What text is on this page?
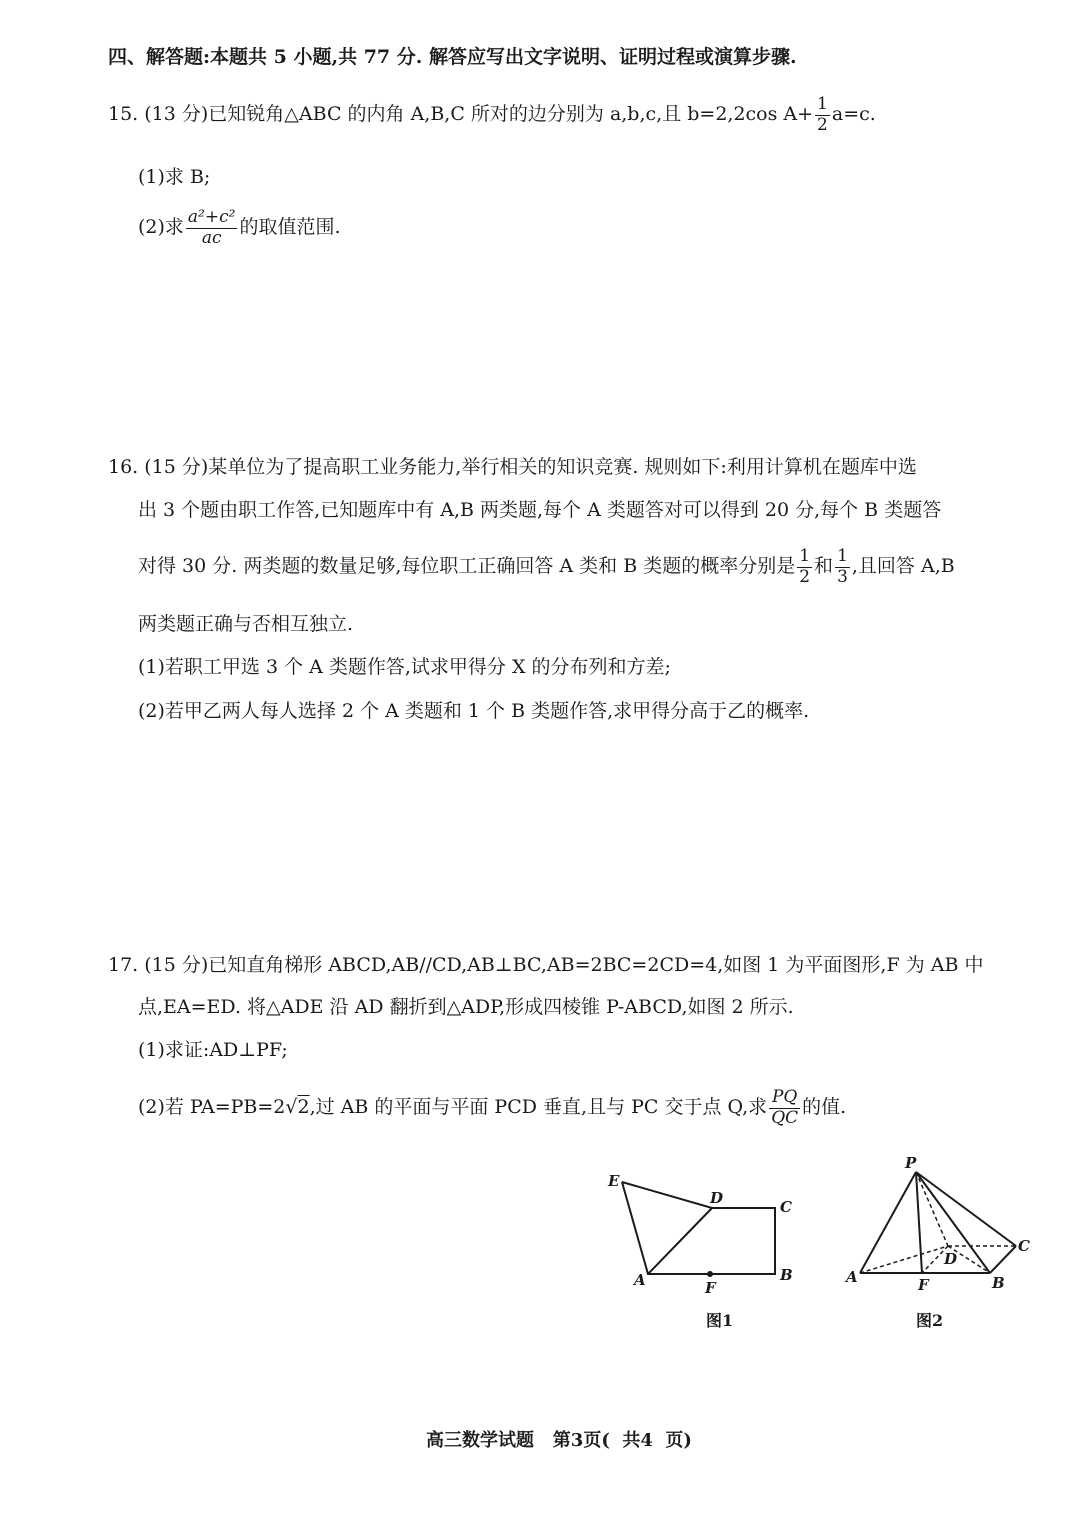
四、解答题:本题共 5 小题,共 77 分. 解答应写出文字说明、证明过程或演算步骤.
15. (13 分)已知锐角△ABC 的内角 A,B,C 所对的边分别为 a,b,c,且 b=2,2cos $A+ \frac{1}{2} a=c$.
(1)求 B;
(2)求 $\frac{\text{a²+c²}}{ac}$ 的取值范围.
16. (15 分)某单位为了提高职工业务能力,举行相关的知识竞赛. 规则如下:利用计算机在题库中选
出 3 个题由职工作答,已知题库中有 A,B 两类题,每个 A 类题答对可以得到 20 分,每个 B 类题答
对得 30 分. 两类题的数量足够,每位职工正确回答 A 类和 B 类题的概率分别是 $\frac{1}{2}$ 和 $\frac{1}{3}$ ,且回答 A,B
两类题正确与否相互独立.
(1)若职工甲选 3 个 A 类题作答,试求甲得分 X 的分布列和方差;
(2)若甲乙两人每人选择 2 个 A 类题和 1 个 B 类题作答,求甲得分高于乙的概率.
17. (15 分)已知直角梯形 ABCD,AB//CD,AB⊥BC,AB=2BC=2CD=4,如图 1 为平面图形,F 为 AB 中
点,EA=ED. 将△ADE 沿 AD 翻折到△ADP,形成四棱锥 P-ABCD,如图 2 所示.
(1)求证:AD⊥PF;
(2)若 PA=PB=2√2,过 AB 的平面与平面 PCD 垂直,且与 PC 交于点 Q,求 $\frac{PQ}{QC}$ 的值.
E
D	C
A	F
B
图1
P
C
D
A	F	B
图2
高三数学试题   第3页(  共4  页)
